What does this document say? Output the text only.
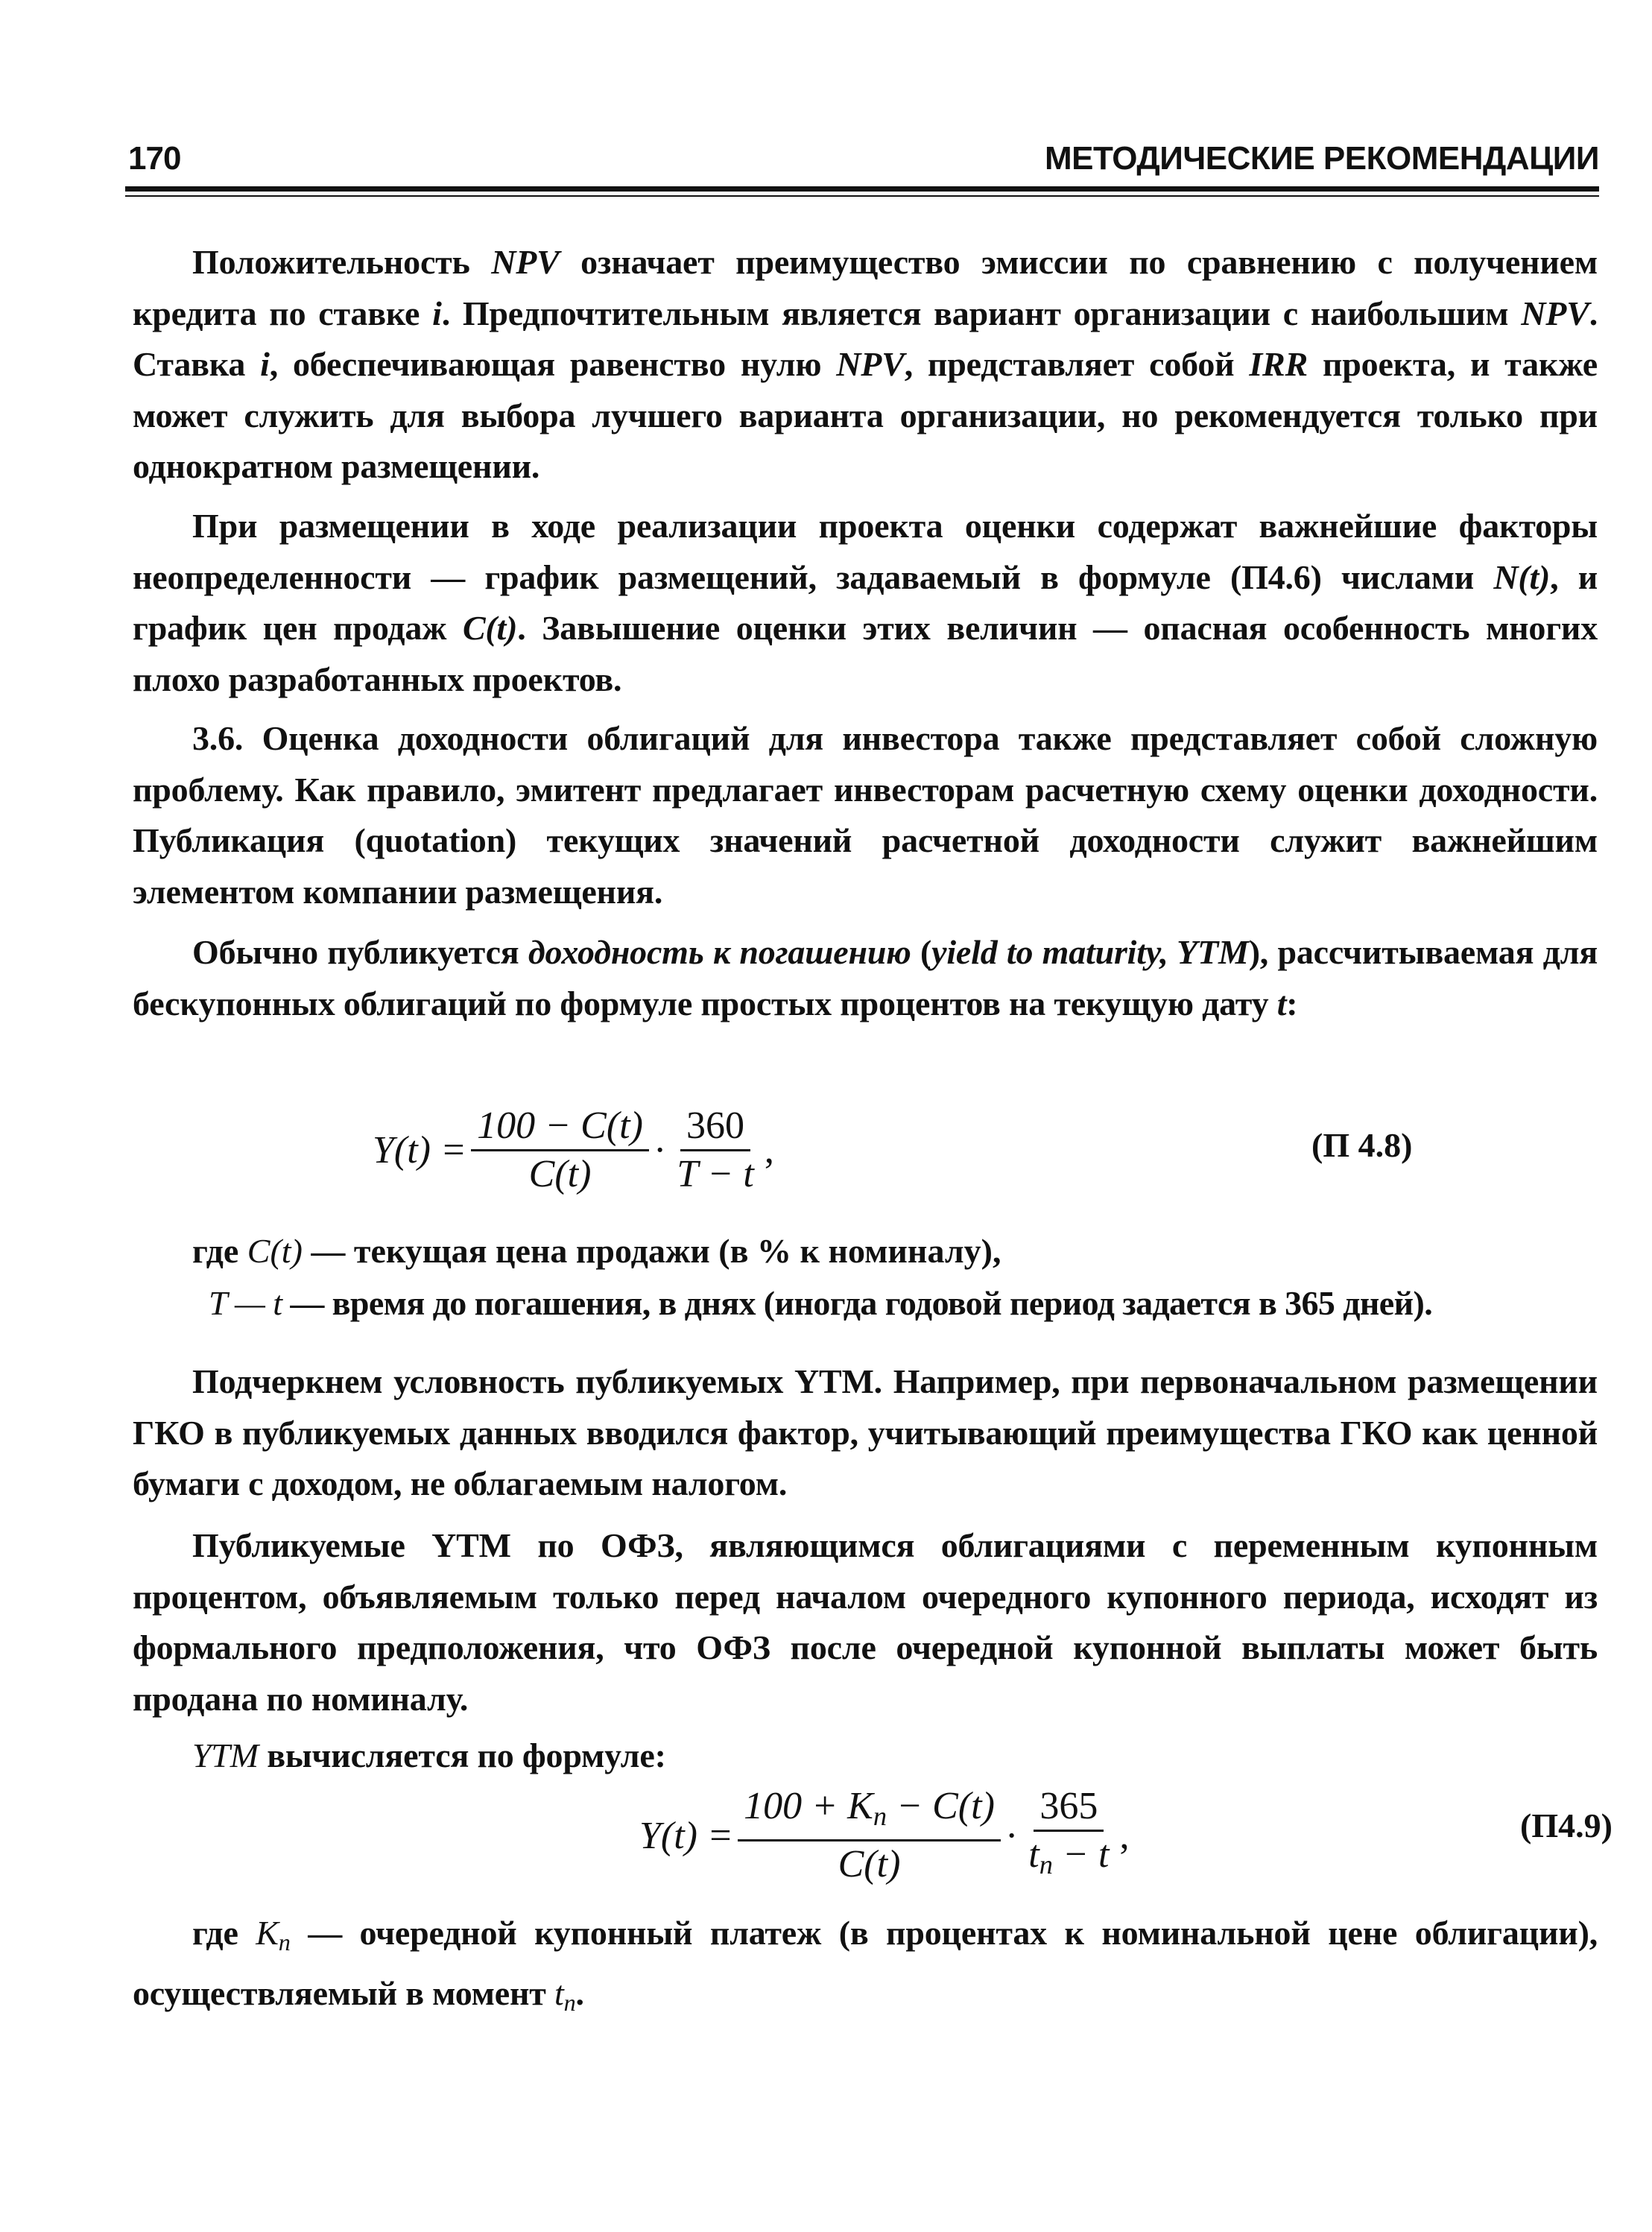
170	МЕТОДИЧЕСКИЕ РЕКОМЕНДАЦИИ

Положительность NPV означает преимущество эмиссии по сравнению с получением кредита по ставке i. Предпочтительным является вариант организации с наибольшим NPV. Ставка i, обеспечивающая равенство нулю NPV, представляет собой IRR проекта, и также может служить для выбора лучшего варианта организации, но рекомендуется только при однократном размещении.

При размещении в ходе реализации проекта оценки содержат важнейшие факторы неопределенности — график размещений, задаваемый в формуле (П4.6) числами N(t), и график цен продаж C(t). Завышение оценки этих величин — опасная особенность многих плохо разработанных проектов.

3.6. Оценка доходности облигаций для инвестора также представляет собой сложную проблему. Как правило, эмитент предлагает инвесторам расчетную схему оценки доходности. Публикация (quotation) текущих значений расчетной доходности служит важнейшим элементом компании размещения.

Обычно публикуется доходность к погашению (yield to maturity, YTM), рассчитываемая для бесκупонных облигаций по формуле простых процентов на текущую дату t:

$Y(t) = \frac{100 - C(t)}{C(t)} \cdot \frac{360}{T - t}$ ,	(П 4.8)

где C(t) — текущая цена продажи (в % к номиналу),

T — t — время до погашения, в днях (иногда годовой период задается в 365 дней).

Подчеркнем условность публикуемых YTM. Например, при первоначальном размещении ГКО в публикуемых данных вводился фактор, учитывающий преимущества ГКО как ценной бумаги с доходом, не облагаемым налогом.

Публикуемые YTM по ОФЗ, являющимся облигациями с переменным купонным процентом, объявляемым только перед началом очередного купонного периода, исходят из формального предположения, что ОФЗ после очередной купонной выплаты может быть продана по номиналу.

YTM вычисляется по формуле:

$Y(t) = \frac{100 + K_n - C(t)}{C(t)} \cdot \frac{365}{t_n - t}$ ,	(П4.9)

где $K_n$ — очередной купонный платеж (в процентах к номинальной цене облигации), осуществляемый в момент $t_n$.
